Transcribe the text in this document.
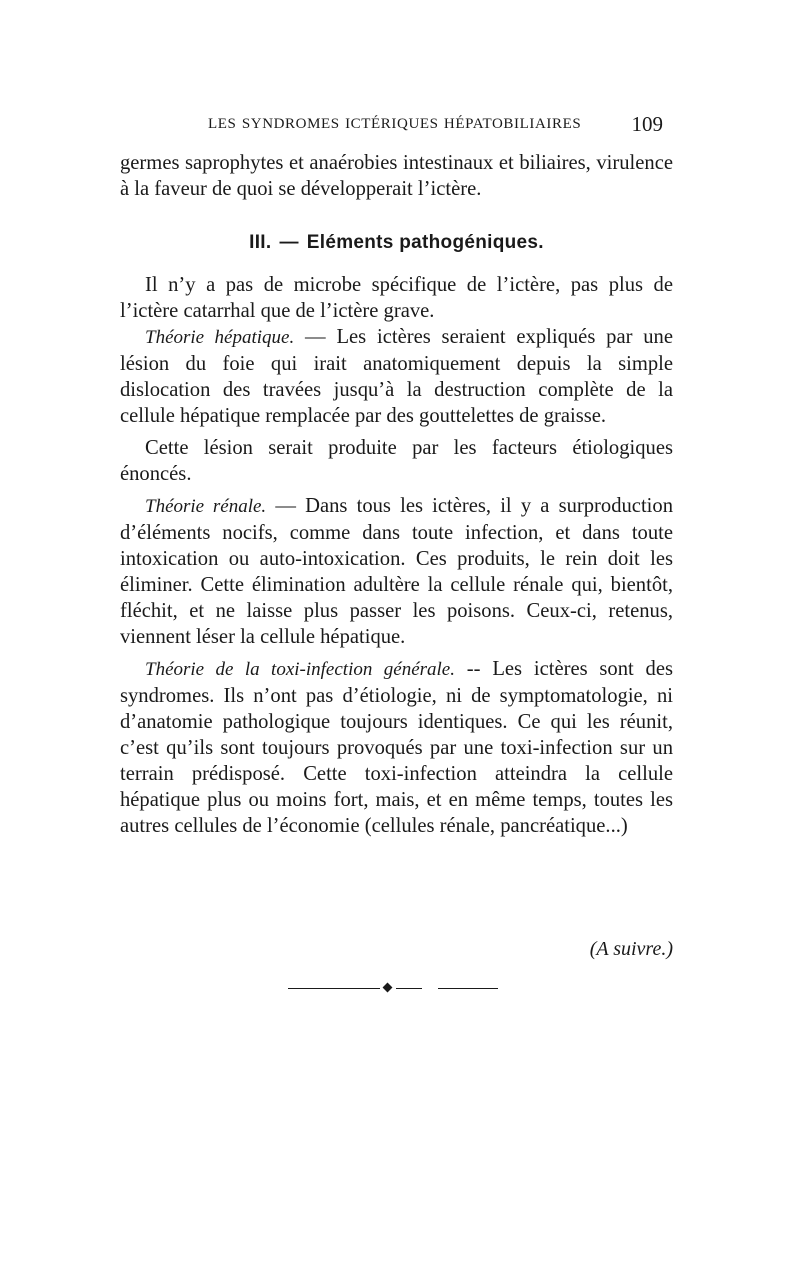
LES SYNDROMES ICTÉRIQUES HÉPATOBILIAIRES 109

germes saprophytes et anaérobies intestinaux et biliaires, virulence à la faveur de quoi se développerait l’ictère.

III. — Eléments pathogéniques.

Il n’y a pas de microbe spécifique de l’ictère, pas plus de l’ictère catarrhal que de l’ictère grave.

Théorie hépatique. — Les ictères seraient expliqués par une lésion du foie qui irait anatomiquement depuis la simple dislocation des travées jusqu’à la destruction complète de la cellule hépatique remplacée par des gouttelettes de graisse.

Cette lésion serait produite par les facteurs étiologiques énoncés.

Théorie rénale. — Dans tous les ictères, il y a surproduction d’éléments nocifs, comme dans toute infection, et dans toute intoxication ou auto-intoxication. Ces produits, le rein doit les éliminer. Cette élimination adultère la cellule rénale qui, bientôt, fléchit, et ne laisse plus passer les poisons. Ceux-ci, retenus, viennent léser la cellule hépatique.

Théorie de la toxi-infection générale. -- Les ictères sont des syndromes. Ils n’ont pas d’étiologie, ni de symptomatologie, ni d’anatomie pathologique toujours identiques. Ce qui les réunit, c’est qu’ils sont toujours provoqués par une toxi-infection sur un terrain prédisposé. Cette toxi-infection atteindra la cellule hépatique plus ou moins fort, mais, et en même temps, toutes les autres cellules de l’économie (cellules rénale, pancréatique...)

(A suivre.)
